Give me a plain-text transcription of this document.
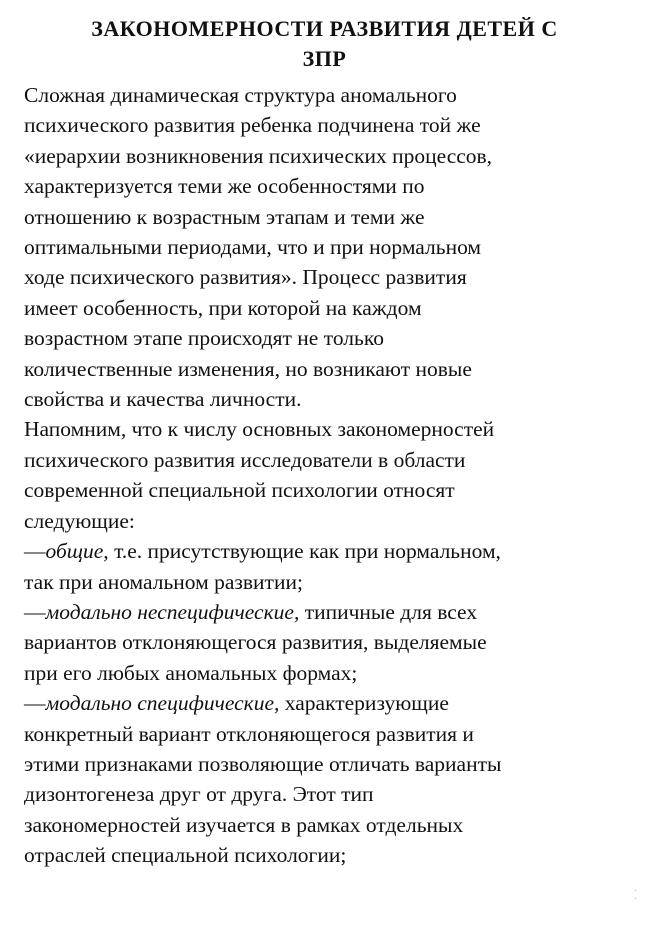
ЗАКОНОМЕРНОСТИ РАЗВИТИЯ ДЕТЕЙ С
ЗПР
Сложная динамическая структура аномального
психического развития ребенка подчинена той же
«иерархии возникновения психических процессов,
характеризуется теми же особенностями по
отношению к возрастным этапам и теми же
оптимальными периодами, что и при нормальном
ходе психического развития». Процесс развития
имеет особенность, при которой на каждом
возрастном этапе происходят не только
количественные изменения, но возникают новые
свойства и качества личности.
Напомним, что к числу основных закономерностей
психического развития исследователи в области
современной специальной психологии относят
следующие:
—общие, т.е. присутствующие как при нормальном,
так при аномальном развитии;
—модально неспецифические, типичные для всех
вариантов отклоняющегося развития, выделяемые
при его любых аномальных формах;
—модально специфические, характеризующие
конкретный вариант отклоняющегося развития и
этими признаками позволяющие отличать варианты
дизонтогенеза друг от друга. Этот тип
закономерностей изучается в рамках отдельных
отраслей специальной психологии;
·
·
